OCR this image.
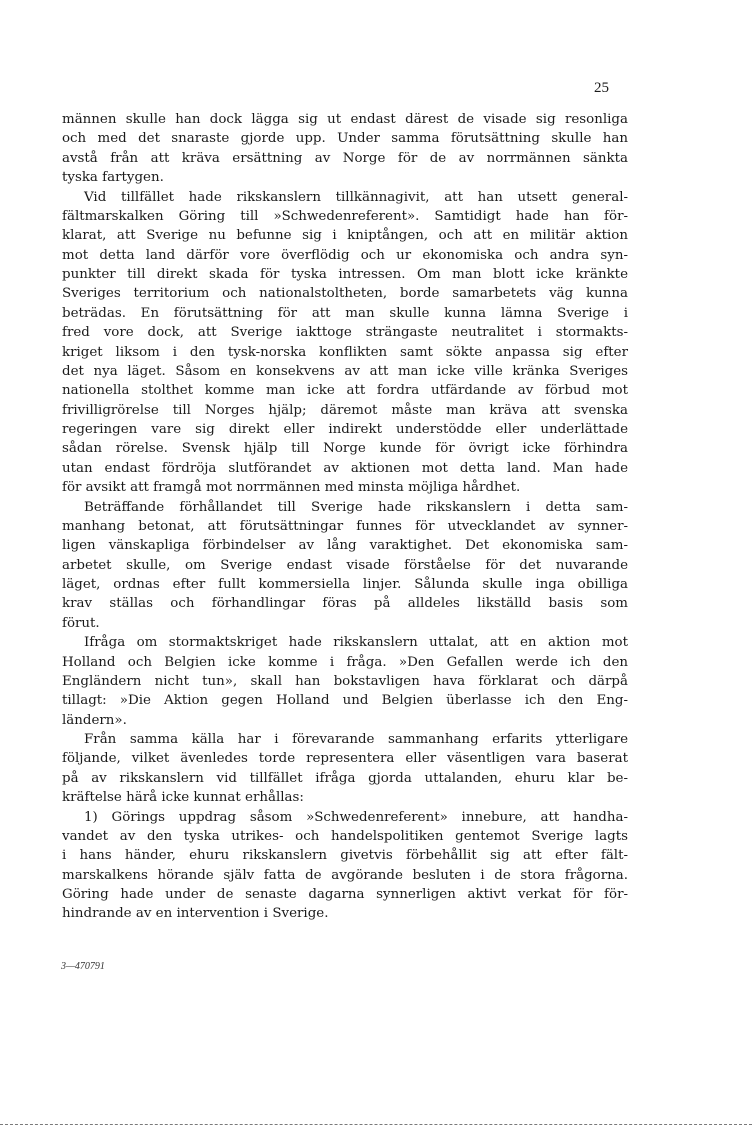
25
männen skulle han dock lägga sig ut endast därest de visade sig resonliga
och med det snaraste gjorde upp. Under samma förutsättning skulle han
avstå från att kräva ersättning av Norge för de av norrmännen sänkta
tyska fartygen.
Vid tillfället hade rikskanslern tillkännagivit, att han utsett general-
fältmarskalken Göring till »Schwedenreferent». Samtidigt hade han för-
klarat, att Sverige nu befunne sig i kniptången, och att en militär aktion
mot detta land därför vore överflödig och ur ekonomiska och andra syn-
punkter till direkt skada för tyska intressen. Om man blott icke kränkte
Sveriges territorium och nationalstoltheten, borde samarbetets väg kunna
beträdas. En förutsättning för att man skulle kunna lämna Sverige i
fred vore dock, att Sverige iakttoge strängaste neutralitet i stormakts-
kriget liksom i den tysk-norska konflikten samt sökte anpassa sig efter
det nya läget. Såsom en konsekvens av att man icke ville kränka Sveriges
nationella stolthet komme man icke att fordra utfärdande av förbud mot
frivilligrörelse till Norges hjälp; däremot måste man kräva att svenska
regeringen vare sig direkt eller indirekt understödde eller underlättade
sådan rörelse. Svensk hjälp till Norge kunde för övrigt icke förhindra
utan endast fördröja slutförandet av aktionen mot detta land. Man hade
för avsikt att framgå mot norrmännen med minsta möjliga hårdhet.
Beträffande förhållandet till Sverige hade rikskanslern i detta sam-
manhang betonat, att förutsättningar funnes för utvecklandet av synner-
ligen vänskapliga förbindelser av lång varaktighet. Det ekonomiska sam-
arbetet skulle, om Sverige endast visade förståelse för det nuvarande
läget, ordnas efter fullt kommersiella linjer. Sålunda skulle inga obilliga
krav ställas och förhandlingar föras på alldeles likställd basis som
förut.
Ifråga om stormaktskriget hade rikskanslern uttalat, att en aktion mot
Holland och Belgien icke komme i fråga. »Den Gefallen werde ich den
Engländern nicht tun», skall han bokstavligen hava förklarat och därpå
tillagt: »Die Aktion gegen Holland und Belgien überlasse ich den Eng-
ländern».
Från samma källa har i förevarande sammanhang erfarits ytterligare
följande, vilket ävenledes torde representera eller väsentligen vara baserat
på av rikskanslern vid tillfället ifråga gjorda uttalanden, ehuru klar be-
kräftelse härå icke kunnat erhållas:
1) Görings uppdrag såsom »Schwedenreferent» innebure, att handha-
vandet av den tyska utrikes- och handelspolitiken gentemot Sverige lagts
i hans händer, ehuru rikskanslern givetvis förbehållit sig att efter fält-
marskalkens hörande själv fatta de avgörande besluten i de stora frågorna.
Göring hade under de senaste dagarna synnerligen aktivt verkat för för-
hindrande av en intervention i Sverige.
3—470791
